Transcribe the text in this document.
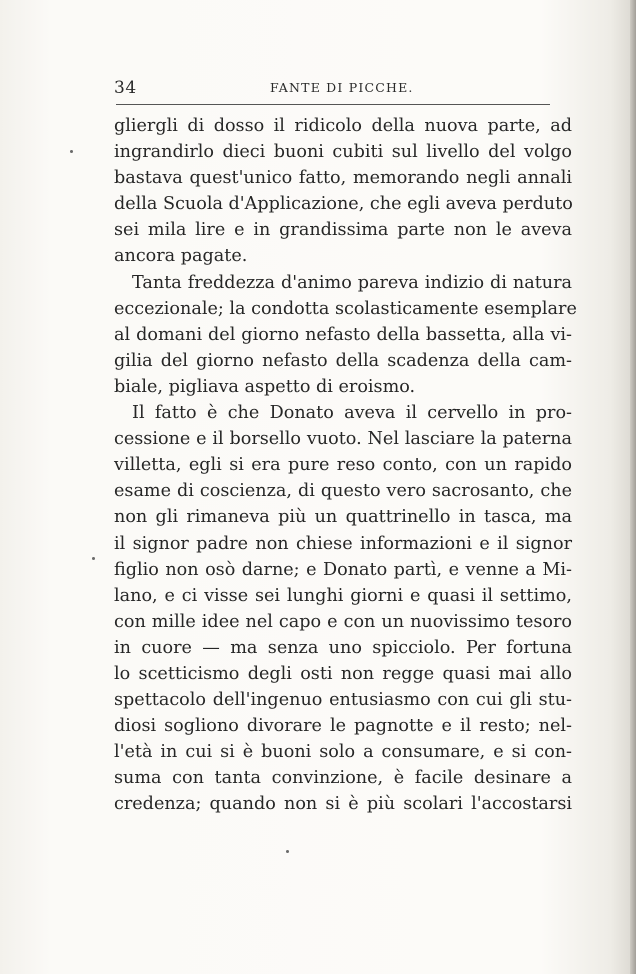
34	FANTE DI PICCHE.
gliergli di dosso il ridicolo della nuova parte, ad
ingrandirlo dieci buoni cubiti sul livello del volgo
bastava quest'unico fatto, memorando negli annali
della Scuola d'Applicazione, che egli aveva perduto
sei mila lire e in grandissima parte non le aveva
ancora pagate.
Tanta freddezza d'animo pareva indizio di natura
eccezionale; la condotta scolasticamente esemplare
al domani del giorno nefasto della bassetta, alla vi-
gilia del giorno nefasto della scadenza della cam-
biale, pigliava aspetto di eroismo.
Il fatto è che Donato aveva il cervello in pro-
cessione e il borsello vuoto. Nel lasciare la paterna
villetta, egli si era pure reso conto, con un rapido
esame di coscienza, di questo vero sacrosanto, che
non gli rimaneva più un quattrinello in tasca, ma
il signor padre non chiese informazioni e il signor
figlio non osò darne; e Donato partì, e venne a Mi-
lano, e ci visse sei lunghi giorni e quasi il settimo,
con mille idee nel capo e con un nuovissimo tesoro
in cuore — ma senza uno spicciolo. Per fortuna
lo scetticismo degli osti non regge quasi mai allo
spettacolo dell'ingenuo entusiasmo con cui gli stu-
diosi sogliono divorare le pagnotte e il resto; nel-
l'età in cui si è buoni solo a consumare, e si con-
suma con tanta convinzione, è facile desinare a
credenza; quando non si è più scolari l'accostarsi
